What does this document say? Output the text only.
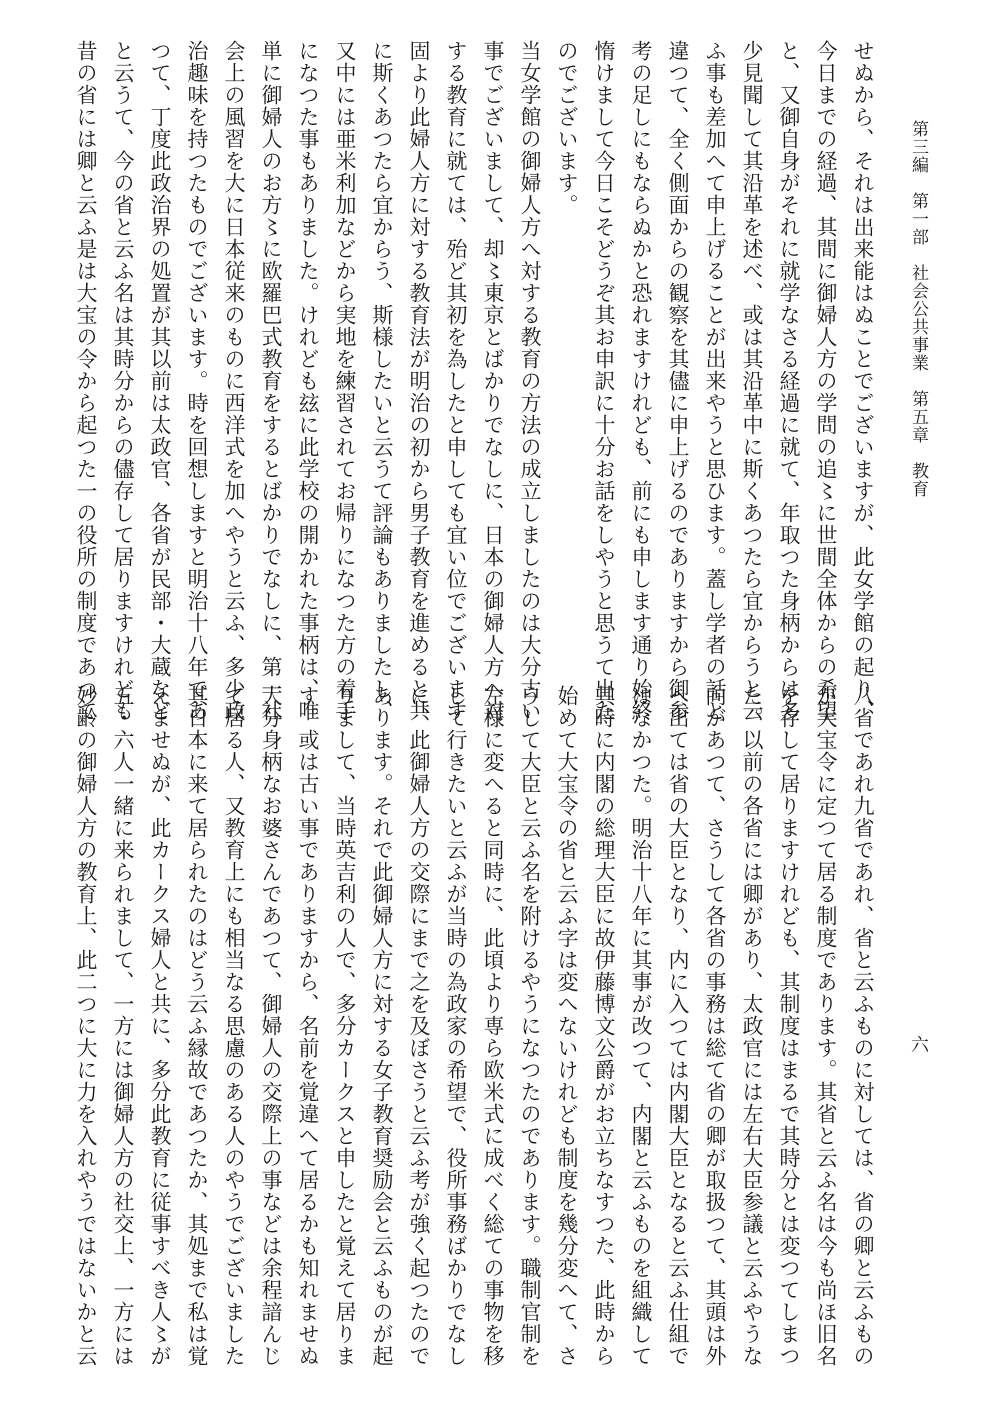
第三編　第一部　社会公共事業　第五章　教育
六
せぬから、それは出来能はぬことでございますが、此女学館の起り、
今日までの経過、其間に御婦人方の学問の追〻に世間全体からの希望
と、又御自身がそれに就学なさる経過に就て、年取つた身柄からは多
少見聞して其沿革を述べ、或は其沿革中に斯くあつたら宜からうと云
ふ事も差加へて申上げることが出来やうと思ひます。蓋し学者の話と
違つて、全く側面からの観察を其儘に申上げるのでありますから御参
考の足しにもならぬかと恐れますけれども、前にも申します通り始終
惰けまして今日こそどうぞ其お申訳に十分お話をしやうと思うて出た
のでございます。
当女学館の御婦人方へ対する教育の方法の成立しましたのは大分古い
事でございまして、却〻東京とばかりでなしに、日本の御婦人方へ対
する教育に就ては、殆ど其初を為したと申しても宜い位でございます
固より此婦人方に対する教育法が明治の初から男子教育を進めると共
に斯くあつたら宜からう、斯様したいと云うて評論もありましたし、
又中には亜米利加などから実地を練習されてお帰りになつた方の着手
になつた事もありました。けれども玆に此学校の開かれた事柄は、唯
単に御婦人のお方〻に欧羅巴式教育をするとばかりでなしに、第一社
会上の風習を大に日本従来のものに西洋式を加へやうと云ふ、多少政
治趣味を持つたものでございます。時を回想しますと明治十八年であ
つて、丁度此政治界の処置が其以前は太政官、各省が民部・大蔵など
と云うて、今の省と云ふ名は其時分からの儘存して居りますけれども
昔の省には卿と云ふ是は大宝の令から起つた一の役所の制度であつて
八省であれ九省であれ、省と云ふものに対しては、省の卿と云ふもの
が大宝令に定つて居る制度であります。其省と云ふ名は今も尚ほ旧名
を存して居りますけれども、其制度はまるで其時分とは変つてしまつ
た。以前の各省には卿があり、太政官には左右大臣参議と云ふやうな
向があつて、さうして各省の事務は総て省の卿が取扱つて、其頭は外
へ出ては省の大臣となり、内に入つては内閣大臣となると云ふ仕組で
はなかつた。明治十八年に其事が改つて、内閣と云ふものを組織して
其時に内閣の総理大臣に故伊藤博文公爵がお立ちなすつた、此時から
始めて大宝令の省と云ふ字は変へないけれども制度を幾分変へて、さ
うして大臣と云ふ名を附けるやうになつたのであります。職制官制を
左様に変へると同時に、此頃より専ら欧米式に成べく総ての事物を移
して行きたいと云ふが当時の為政家の希望で、役所事務ばかりでなし
に、此御婦人方の交際にまで之を及ぼさうと云ふ考が強く起つたので
あります。それで此御婦人方に対する女子教育奨励会と云ふものが起
りまして、当時英吉利の人で、多分カークスと申したと覚えて居りま
す。或は古い事でありますから、名前を覚違へて居るかも知れませぬ
大分身柄なお婆さんであつて、御婦人の交際上の事などは余程諳んじ
て居る人、又教育上にも相当なる思慮のある人のやうでございました
其日本に来て居られたのはどう云ふ縁故であつたか、其処まで私は覚
えませぬが、此カークス婦人と共に、多分此教育に従事すべき人〻が
五・六人一緒に来られまして、一方には御婦人方の社交上、一方には
妙齢の御婦人方の教育上、此二つに大に力を入れやうではないかと云
